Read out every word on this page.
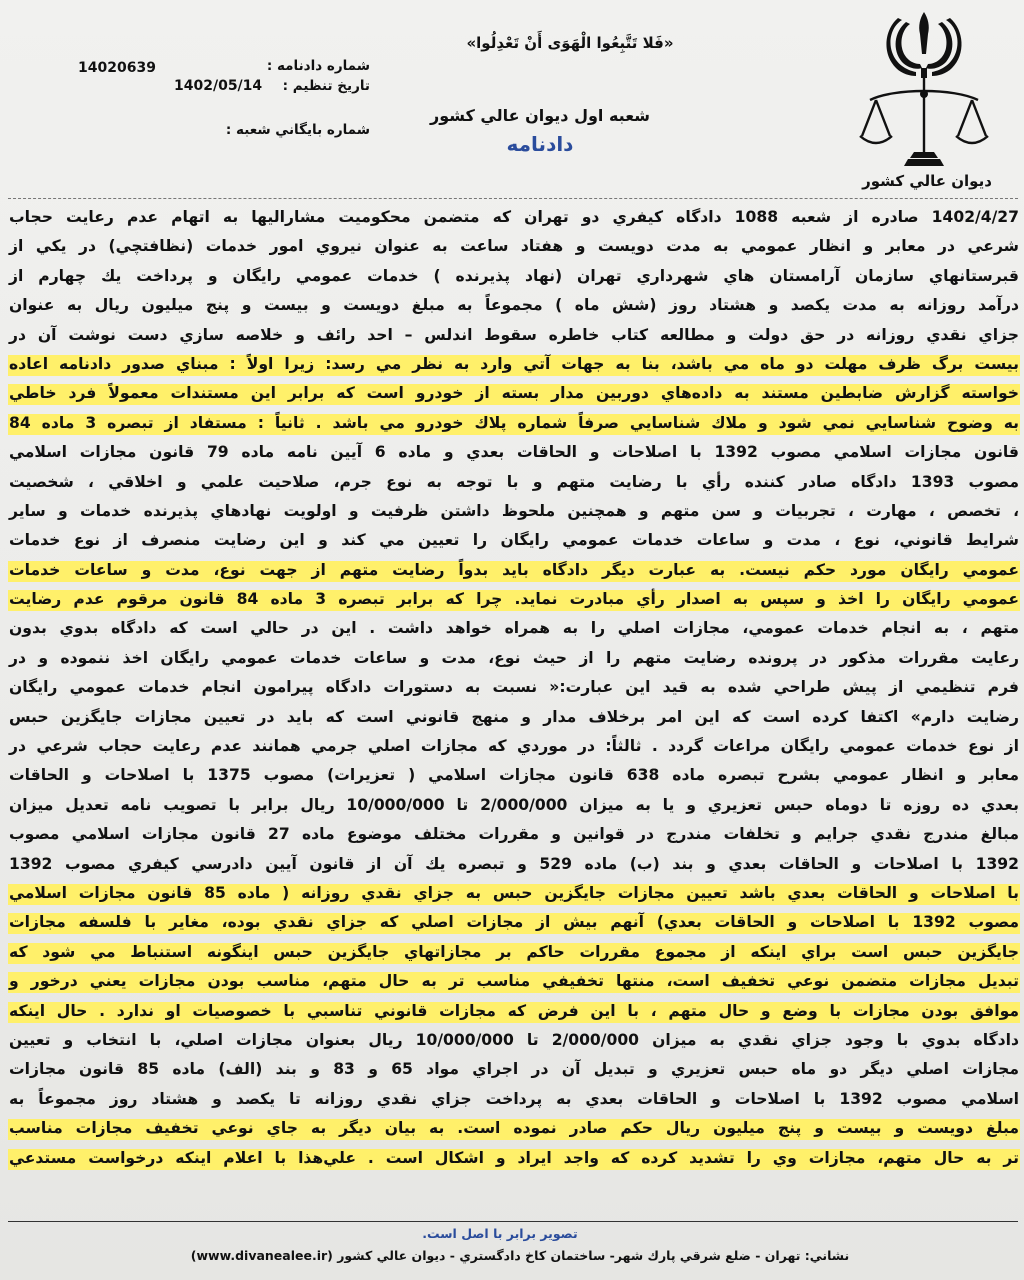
ديوان عالي كشور
«فَلا تَتَّبِعُوا الْهَوَى أَنْ تَعْدِلُوا»
شعبه اول ديوان عالي كشور
دادنامه
شماره دادنامه :
14020639
تاريخ تنظيم :
1402/05/14
شماره بايگاني شعبه :
1402/4/27 صادره از شعبه 1088 دادگاه كيفري دو تهران كه متضمن محكوميت مشاراليها به اتهام عدم رعايت حجاب
شرعي در معابر و انظار عمومي به مدت دويست و هفتاد ساعت به عنوان نيروي امور خدمات (نظافتچي) در يكي از
قبرستانهاي سازمان آرامستان هاي شهرداري تهران (نهاد پذيرنده ) خدمات عمومي رايگان و پرداخت يك چهارم از
درآمد روزانه به مدت يكصد و هشتاد روز (شش ماه ) مجموعاً به مبلغ دويست و بيست و پنج ميليون ريال به عنوان
جزاي نقدي روزانه در حق دولت و مطالعه كتاب خاطره سقوط اندلس – احد رائف و خلاصه سازي دست نوشت آن در
بيست برگ ظرف مهلت دو ماه مي باشد، بنا به جهات آتي وارد به نظر مي رسد: زيرا اولاً : مبناي صدور دادنامه اعاده
خواسته گزارش ضابطين مستند به داده‌هاي دوربين مدار بسته از خودرو است كه برابر اين مستندات معمولاً فرد خاطي
به وضوح شناسايي نمي شود و ملاك شناسايي صرفاً شماره پلاك خودرو مي باشد . ثانياً : مستفاد از تبصره 3 ماده 84
قانون مجازات اسلامي مصوب 1392 با اصلاحات و الحاقات بعدي و ماده 6 آيين نامه ماده 79 قانون مجازات اسلامي
مصوب 1393 دادگاه صادر كننده رأي با رضايت متهم و با توجه به نوع جرم، صلاحيت علمي و اخلاقي ، شخصيت
، تخصص ، مهارت ، تجربيات و سن متهم و همچنين ملحوظ داشتن ظرفيت و اولويت نهادهاي پذيرنده خدمات و ساير
شرايط قانوني، نوع ، مدت و ساعات خدمات عمومي رايگان را تعيين مي كند و اين رضايت منصرف از نوع خدمات
عمومي رايگان مورد حكم نيست. به عبارت ديگر دادگاه بايد بدواً رضايت متهم از جهت نوع، مدت و ساعات خدمات
عمومي رايگان را اخذ و سپس به اصدار رأي مبادرت نمايد. چرا كه برابر تبصره 3 ماده 84 قانون مرقوم عدم رضايت
متهم ، به انجام خدمات عمومي، مجازات اصلي را به همراه خواهد داشت . اين در حالي است كه دادگاه بدوي بدون
رعايت مقررات مذكور در پرونده رضايت متهم را از حيث نوع، مدت و ساعات خدمات عمومي رايگان اخذ ننموده و در
فرم تنظيمي از پيش طراحي شده به قيد اين عبارت:« نسبت به دستورات دادگاه پيرامون انجام خدمات عمومي رايگان
رضايت دارم» اكتفا كرده است كه اين امر برخلاف مدار و منهج قانوني است كه بايد در تعيين مجازات جايگزين حبس
از نوع خدمات عمومي رايگان مراعات گردد . ثالثاً: در موردي كه مجازات اصلي جرمي همانند عدم رعايت حجاب شرعي در
معابر و انظار عمومي بشرح تبصره ماده 638 قانون مجازات اسلامي ( تعزيرات) مصوب 1375 با اصلاحات و الحاقات
بعدي ده روزه تا دوماه حبس تعزيري و يا به ميزان 2/000/000 تا 10/000/000 ريال برابر با تصويب نامه تعديل ميزان
مبالغ مندرج نقدي جرايم و تخلفات مندرج در قوانين و مقررات مختلف موضوع ماده 27 قانون مجازات اسلامي مصوب
1392 با اصلاحات و الحاقات بعدي و بند (ب) ماده 529 و تبصره يك آن از قانون آيين دادرسي كيفري مصوب 1392
با اصلاحات و الحاقات بعدي باشد تعيين مجازات جايگزين حبس به جزاي نقدي روزانه ( ماده 85 قانون مجازات اسلامي
مصوب 1392 با اصلاحات و الحاقات بعدي) آنهم بيش از مجازات اصلي كه جزاي نقدي بوده، مغاير با فلسفه مجازات
جايگزين حبس است براي اينكه از مجموع مقررات حاكم بر مجازاتهاي جايگزين حبس اينگونه استنباط مي شود كه
تبديل مجازات متضمن نوعي تخفيف است، منتها تخفيفي مناسب تر به حال متهم، مناسب بودن مجازات يعني درخور و
موافق بودن مجازات با وضع و حال متهم ، با اين فرض كه مجازات قانوني تناسبي با خصوصيات او ندارد . حال اينكه
دادگاه بدوي با وجود جزاي نقدي به ميزان 2/000/000 تا 10/000/000 ريال بعنوان مجازات اصلي، با انتخاب و تعيين
مجازات اصلي ديگر دو ماه حبس تعزيري و تبديل آن در اجراي مواد 65 و 83 و بند (الف) ماده 85 قانون مجازات
اسلامي مصوب 1392 با اصلاحات و الحاقات بعدي به پرداخت جزاي نقدي روزانه تا يكصد و هشتاد روز مجموعاً به
مبلغ دويست و بيست و پنج ميليون ريال حكم صادر نموده است. به بيان ديگر به جاي نوعي تخفيف مجازات مناسب
تر به حال متهم، مجازات وي را تشديد كرده كه واجد ايراد و اشكال است . علي‌هذا با اعلام اينكه درخواست مستدعي
تصوير برابر با اصل است.
نشاني: تهران - ضلع شرقي پارك شهر- ساختمان كاخ دادگستري - ديوان عالي كشور (www.divanealee.ir)
